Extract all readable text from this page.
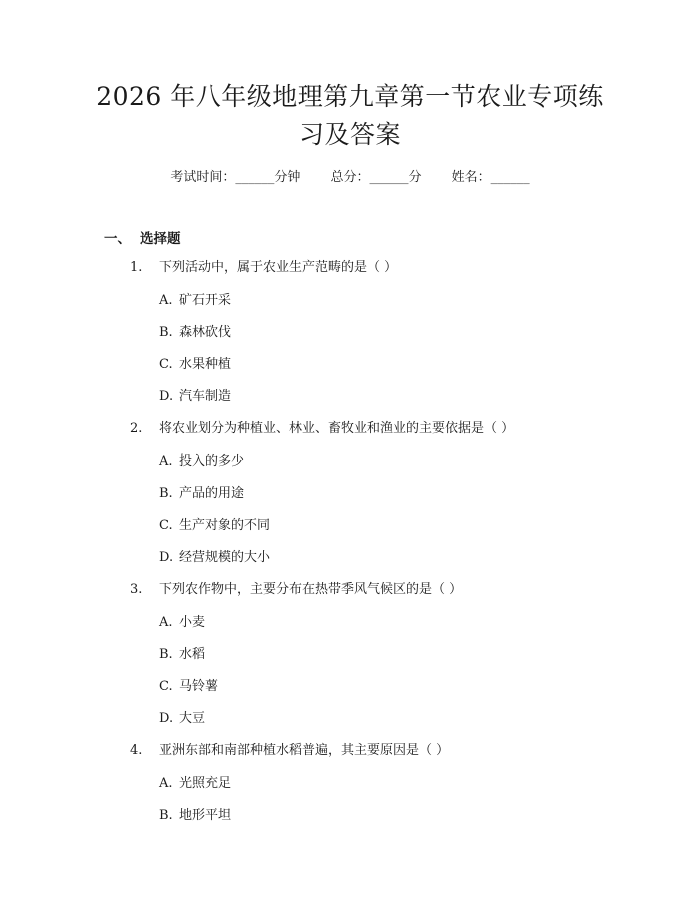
2026 年八年级地理第九章第一节农业专项练
习及答案
考试时间：______分钟 总分：______分 姓名：______
一、 选择题
1. 下列活动中，属于农业生产范畴的是（ ）
A. 矿石开采
B. 森林砍伐
C. 水果种植
D. 汽车制造
2. 将农业划分为种植业、林业、畜牧业和渔业的主要依据是（ ）
A. 投入的多少
B. 产品的用途
C. 生产对象的不同
D. 经营规模的大小
3. 下列农作物中，主要分布在热带季风气候区的是（ ）
A. 小麦
B. 水稻
C. 马铃薯
D. 大豆
4. 亚洲东部和南部种植水稻普遍，其主要原因是（ ）
A. 光照充足
B. 地形平坦
